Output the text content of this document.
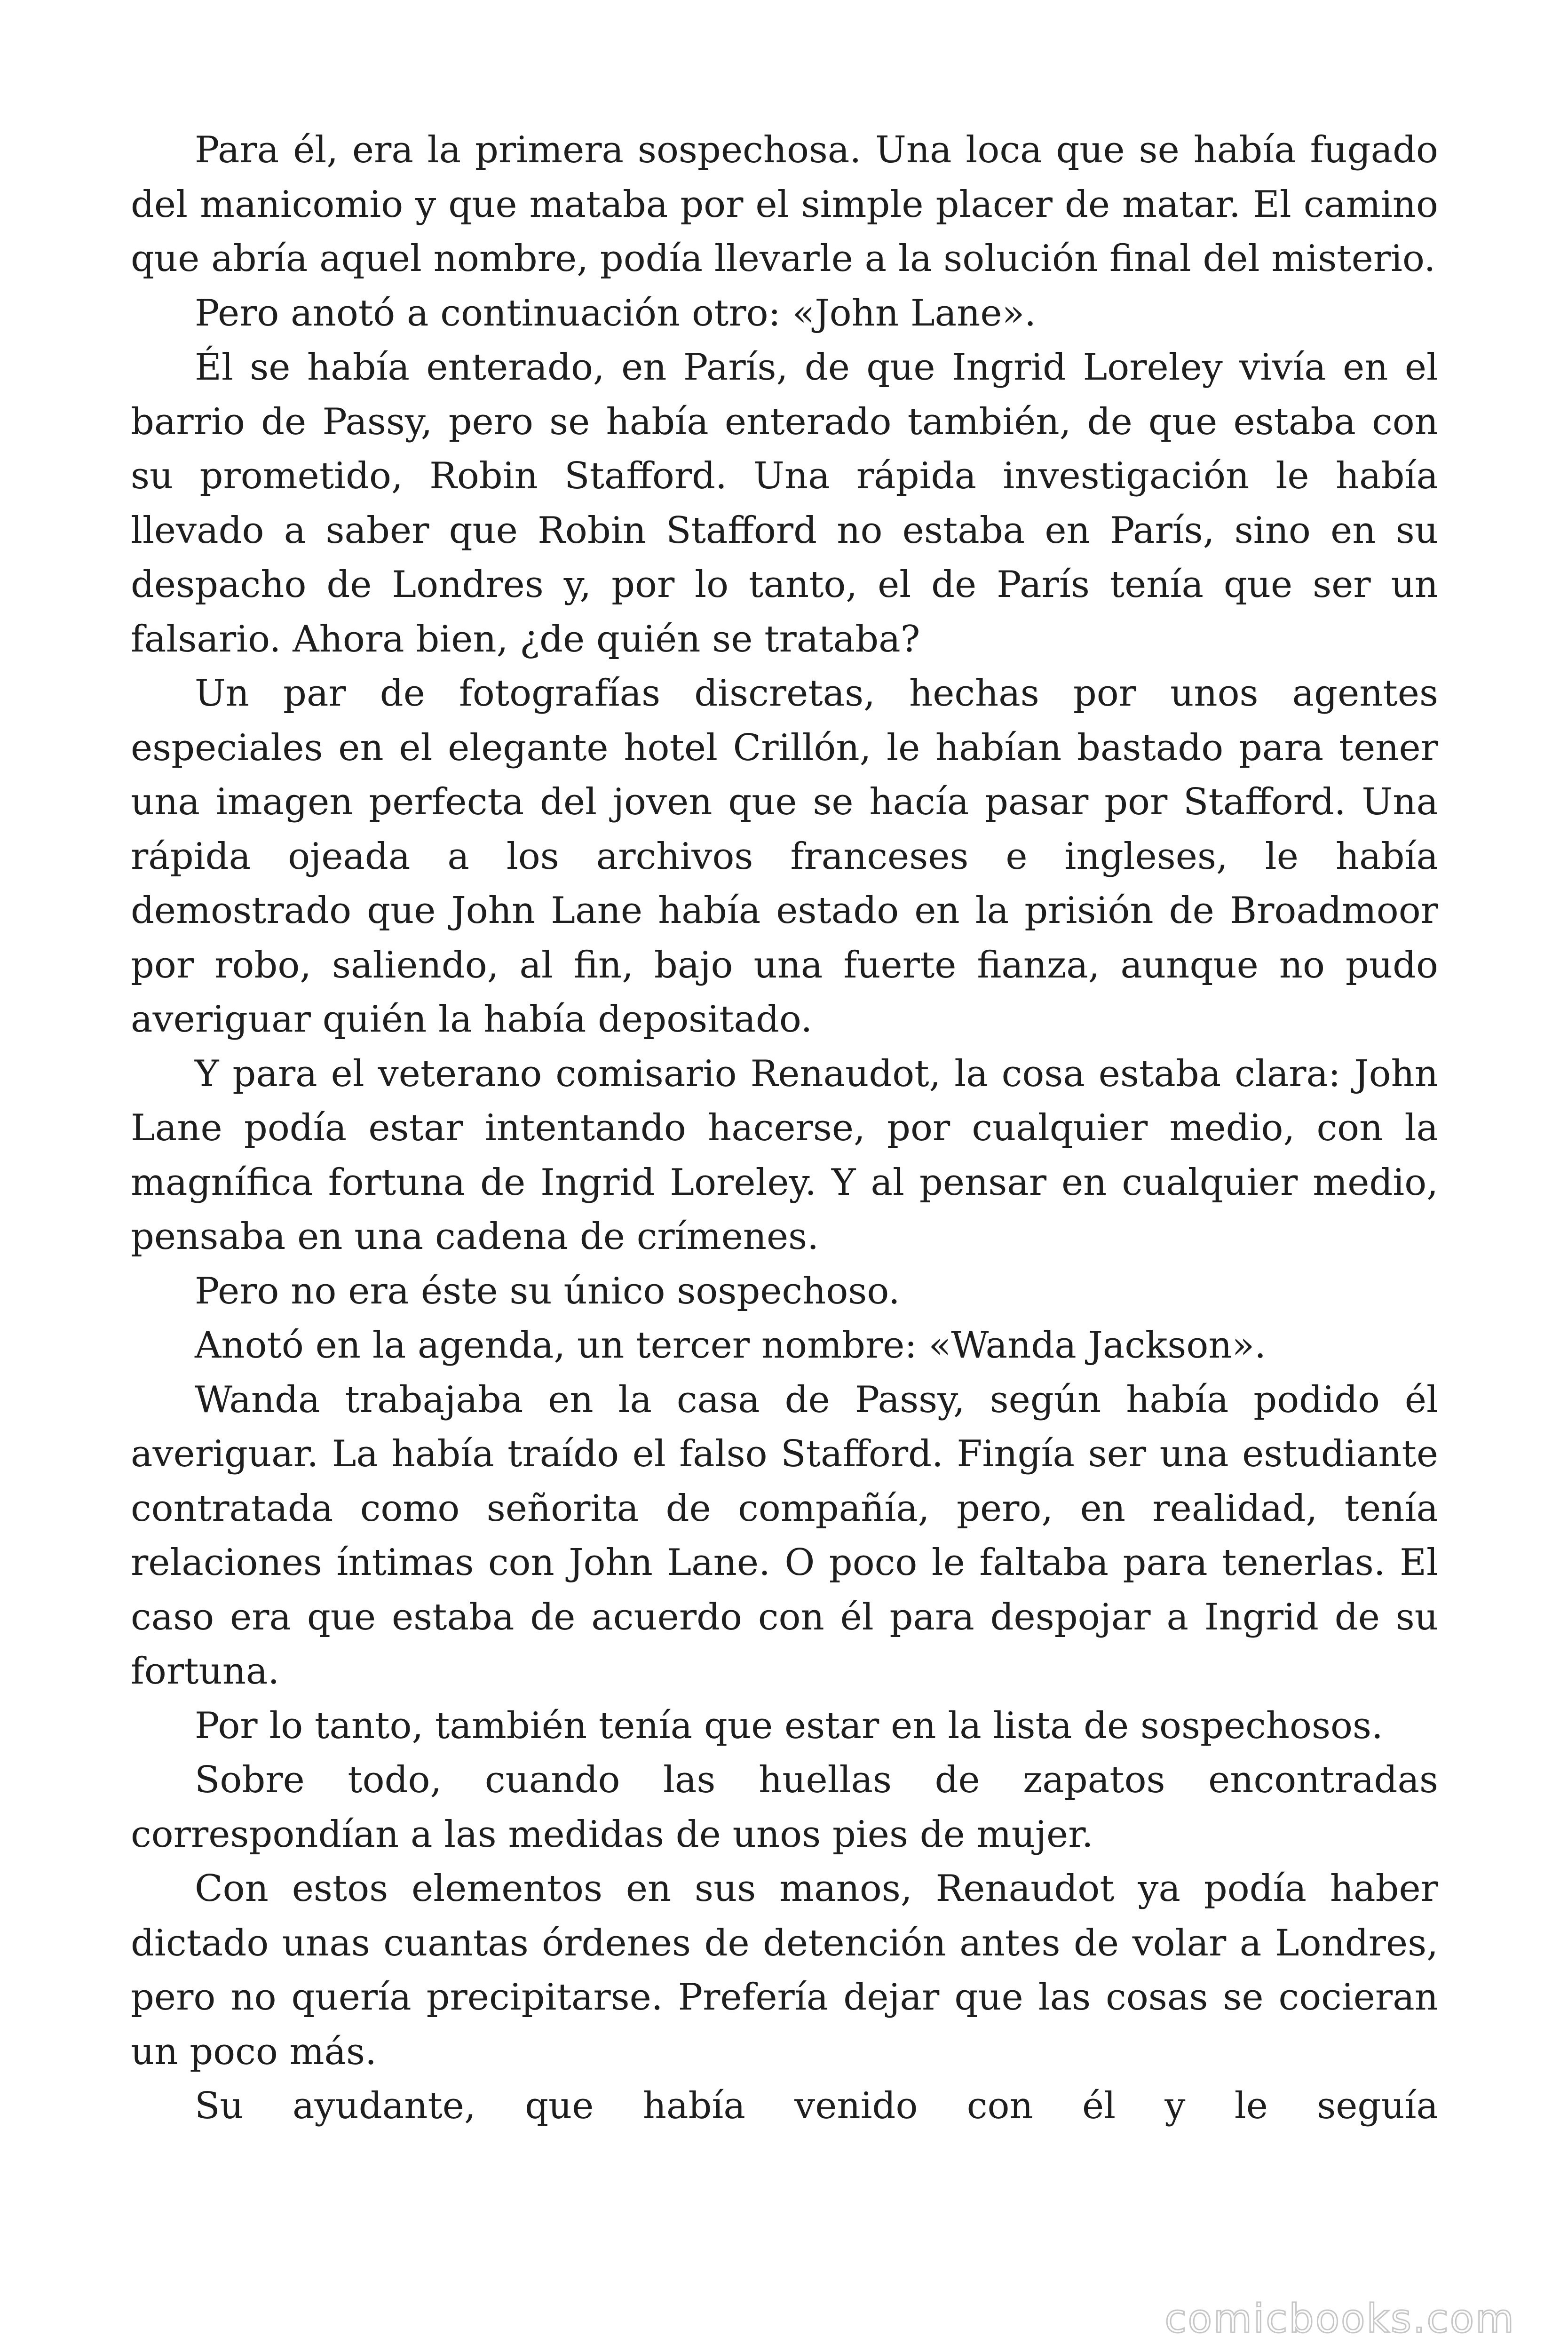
Para él, era la primera sospechosa. Una loca que se había fugado del manicomio y que mataba por el simple placer de matar. El camino que abría aquel nombre, podía llevarle a la solución final del misterio.

Pero anotó a continuación otro: «John Lane».

Él se había enterado, en París, de que Ingrid Loreley vivía en el barrio de Passy, pero se había enterado también, de que estaba con su prometido, Robin Stafford. Una rápida investigación le había llevado a saber que Robin Stafford no estaba en París, sino en su despacho de Londres y, por lo tanto, el de París tenía que ser un falsario. Ahora bien, ¿de quién se trataba?

Un par de fotografías discretas, hechas por unos agentes especiales en el elegante hotel Crillón, le habían bastado para tener una imagen perfecta del joven que se hacía pasar por Stafford. Una rápida ojeada a los archivos franceses e ingleses, le había demostrado que John Lane había estado en la prisión de Broadmoor por robo, saliendo, al fin, bajo una fuerte fianza, aunque no pudo averiguar quién la había depositado.

Y para el veterano comisario Renaudot, la cosa estaba clara: John Lane podía estar intentando hacerse, por cualquier medio, con la magnífica fortuna de Ingrid Loreley. Y al pensar en cualquier medio, pensaba en una cadena de crímenes.

Pero no era éste su único sospechoso.

Anotó en la agenda, un tercer nombre: «Wanda Jackson».

Wanda trabajaba en la casa de Passy, según había podido él averiguar. La había traído el falso Stafford. Fingía ser una estudiante contratada como señorita de compañía, pero, en realidad, tenía relaciones íntimas con John Lane. O poco le faltaba para tenerlas. El caso era que estaba de acuerdo con él para despojar a Ingrid de su fortuna.

Por lo tanto, también tenía que estar en la lista de sospechosos.

Sobre todo, cuando las huellas de zapatos encontradas correspondían a las medidas de unos pies de mujer.

Con estos elementos en sus manos, Renaudot ya podía haber dictado unas cuantas órdenes de detención antes de volar a Londres, pero no quería precipitarse. Prefería dejar que las cosas se cocieran un poco más.

Su ayudante, que había venido con él y le seguía

comicbooks.com
